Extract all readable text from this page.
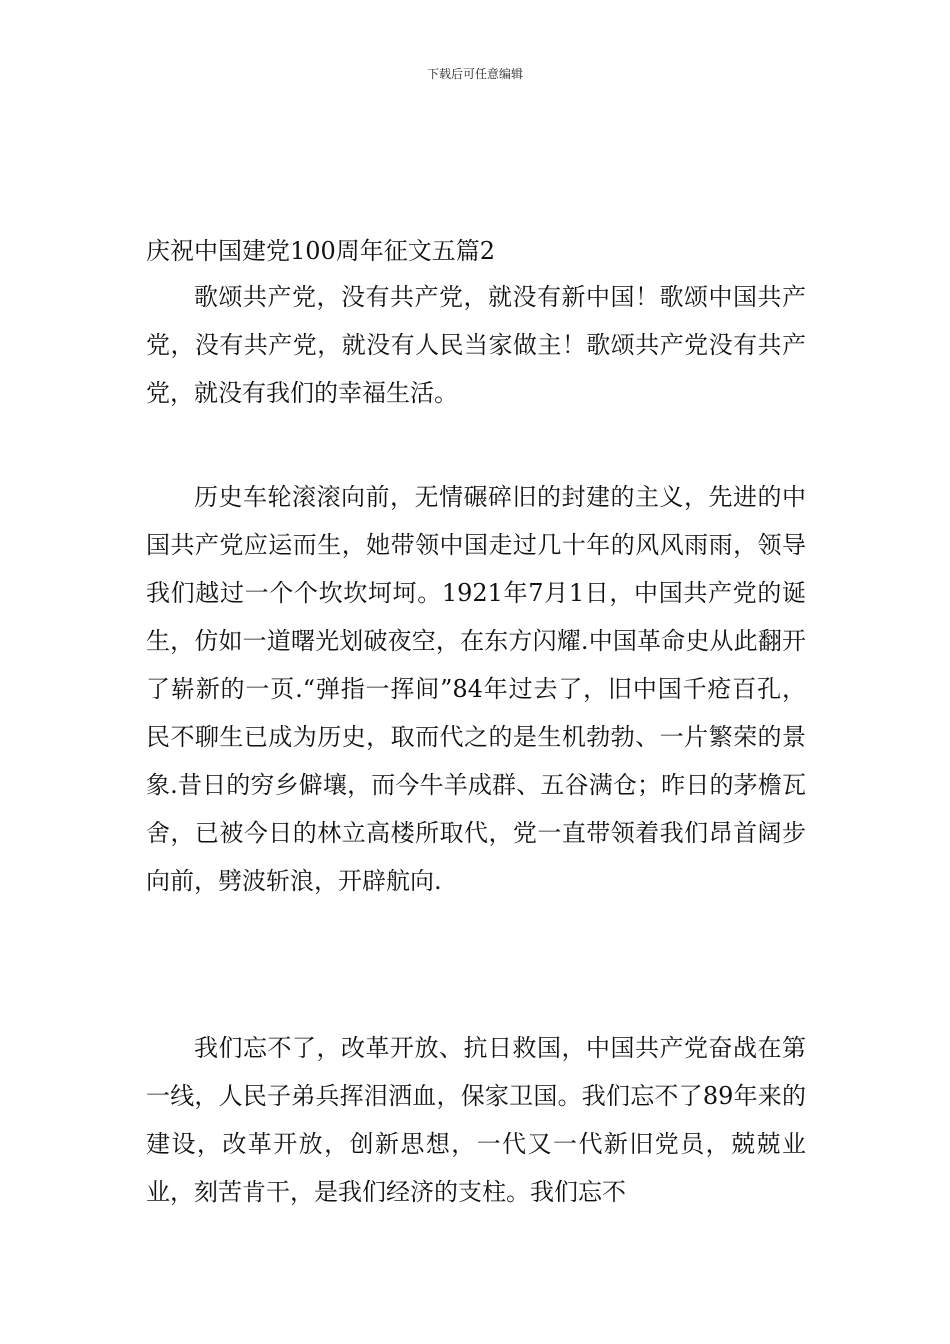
下载后可任意编辑
庆祝中国建党100周年征文五篇2

歌颂共产党，没有共产党，就没有新中国！歌颂中国共产党，没有共产党，就没有人民当家做主！歌颂共产党没有共产党，就没有我们的幸福生活。

历史车轮滚滚向前，无情碾碎旧的封建的主义，先进的中国共产党应运而生，她带领中国走过几十年的风风雨雨，领导我们越过一个个坎坎坷坷。1921年7月1日，中国共产党的诞生，仿如一道曙光划破夜空，在东方闪耀.中国革命史从此翻开了崭新的一页.“弹指一挥间”84年过去了，旧中国千疮百孔，民不聊生已成为历史，取而代之的是生机勃勃、一片繁荣的景象.昔日的穷乡僻壤，而今牛羊成群、五谷满仓；昨日的茅檐瓦舍，已被今日的林立高楼所取代，党一直带领着我们昂首阔步向前，劈波斩浪，开辟航向.

我们忘不了，改革开放、抗日救国，中国共产党奋战在第一线，人民子弟兵挥泪洒血，保家卫国。我们忘不了89年来的建设，改革开放，创新思想，一代又一代新旧党员，兢兢业业，刻苦肯干，是我们经济的支柱。我们忘不
